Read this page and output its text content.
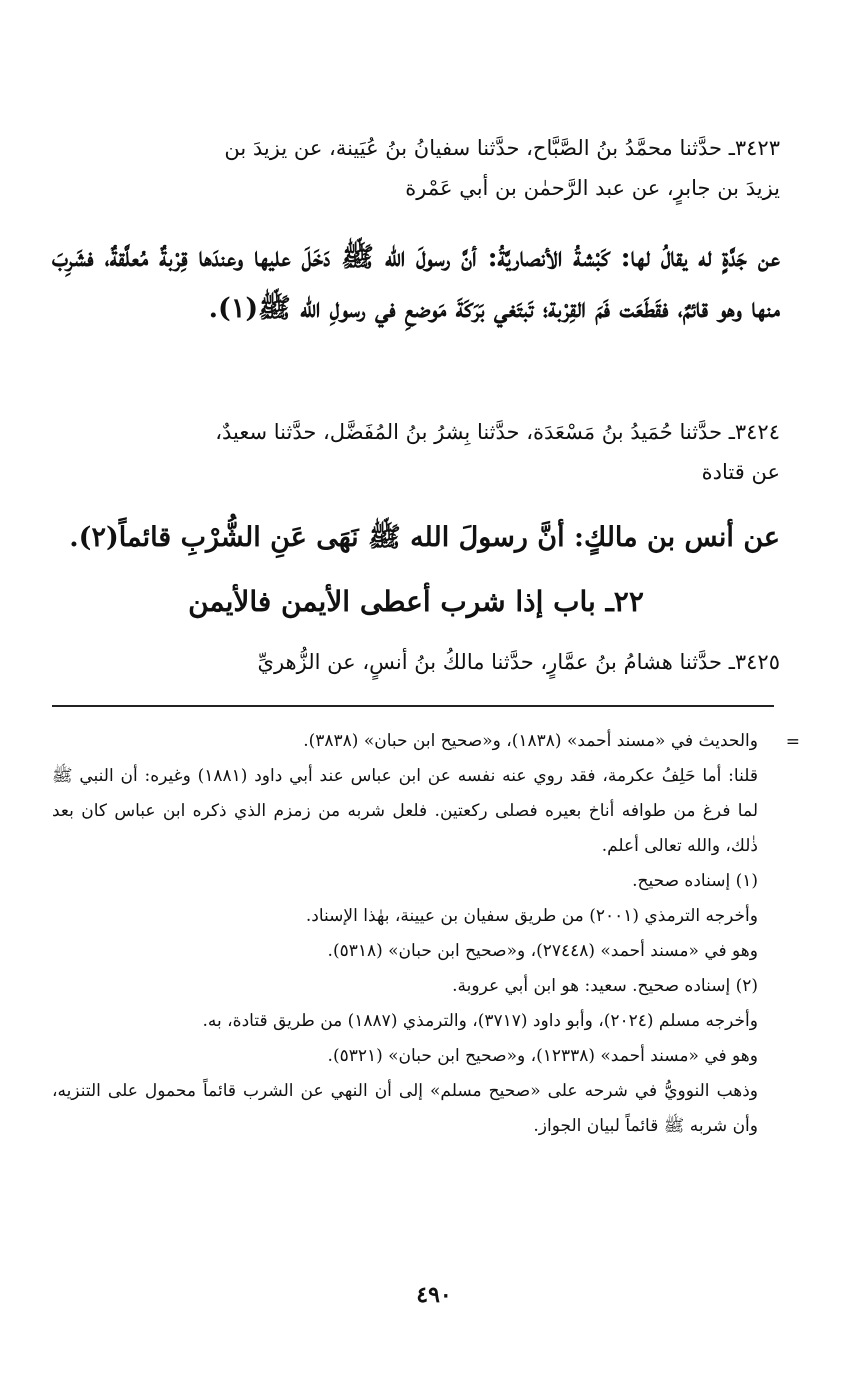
٣٤٢٣ـ حدَّثنا محمَّدُ بنُ الصَّبَّاح، حدَّثنا سفيانُ بنُ عُيَينة، عن يزيدَ بن
يزيدَ بن جابرٍ، عن عبد الرَّحمٰن بن أبي عَمْرة
عن جَدَّةٍ له يقالُ لها: كَبْشةُ الأنصاريَّةُ: أنَّ رسولَ الله ﷺ دَخَلَ عليها وعندَها قِرْبةٌ مُعلَّقةٌ، فشَرِبَ منها وهو قائمٌ، فقَطَعَت فَمَ القِرْبة؛ تَبتَغي بَرَكَةَ مَوضعِ في رسولِ الله ﷺ(١).
٣٤٢٤ـ حدَّثنا حُمَيدُ بنُ مَسْعَدَة، حدَّثنا بِشرُ بنُ المُفَضَّل، حدَّثنا سعيدٌ،
عن قتادة
عن أنس بن مالكٍ: أنَّ رسولَ الله ﷺ نَهَى عَنِ الشُّرْبِ قائماً(٢).
٢٢ـ باب إذا شرب أعطى الأيمن فالأيمن
٣٤٢٥ـ حدَّثنا هشامُ بنُ عمَّارٍ، حدَّثنا مالكُ بنُ أنسٍ، عن الزُّهريِّ
=

والحديث في «مسند أحمد» (١٨٣٨)، و«صحيح ابن حبان» (٣٨٣٨).

قلنا: أما حَلِفُ عكرمة، فقد روي عنه نفسه عن ابن عباس عند أبي داود (١٨٨١) وغيره: أن النبي ﷺ لما فرغ من طوافه أناخ بعيره فصلى ركعتين. فلعل شربه من زمزم الذي ذكره ابن عباس كان بعد ذٰلك، والله تعالى أعلم.

(١) إسناده صحيح.

وأخرجه الترمذي (٢٠٠١) من طريق سفيان بن عيينة، بهٰذا الإسناد.

وهو في «مسند أحمد» (٢٧٤٤٨)، و«صحيح ابن حبان» (٥٣١٨).

(٢) إسناده صحيح. سعيد: هو ابن أبي عروبة.

وأخرجه مسلم (٢٠٢٤)، وأبو داود (٣٧١٧)، والترمذي (١٨٨٧) من طريق قتادة، به.

وهو في «مسند أحمد» (١٢٣٣٨)، و«صحيح ابن حبان» (٥٣٢١).

وذهب النوويُّ في شرحه على «صحيح مسلم» إلى أن النهي عن الشرب قائماً محمول على التنزيه، وأن شربه ﷺ قائماً لبيان الجواز.

٤٩٠
